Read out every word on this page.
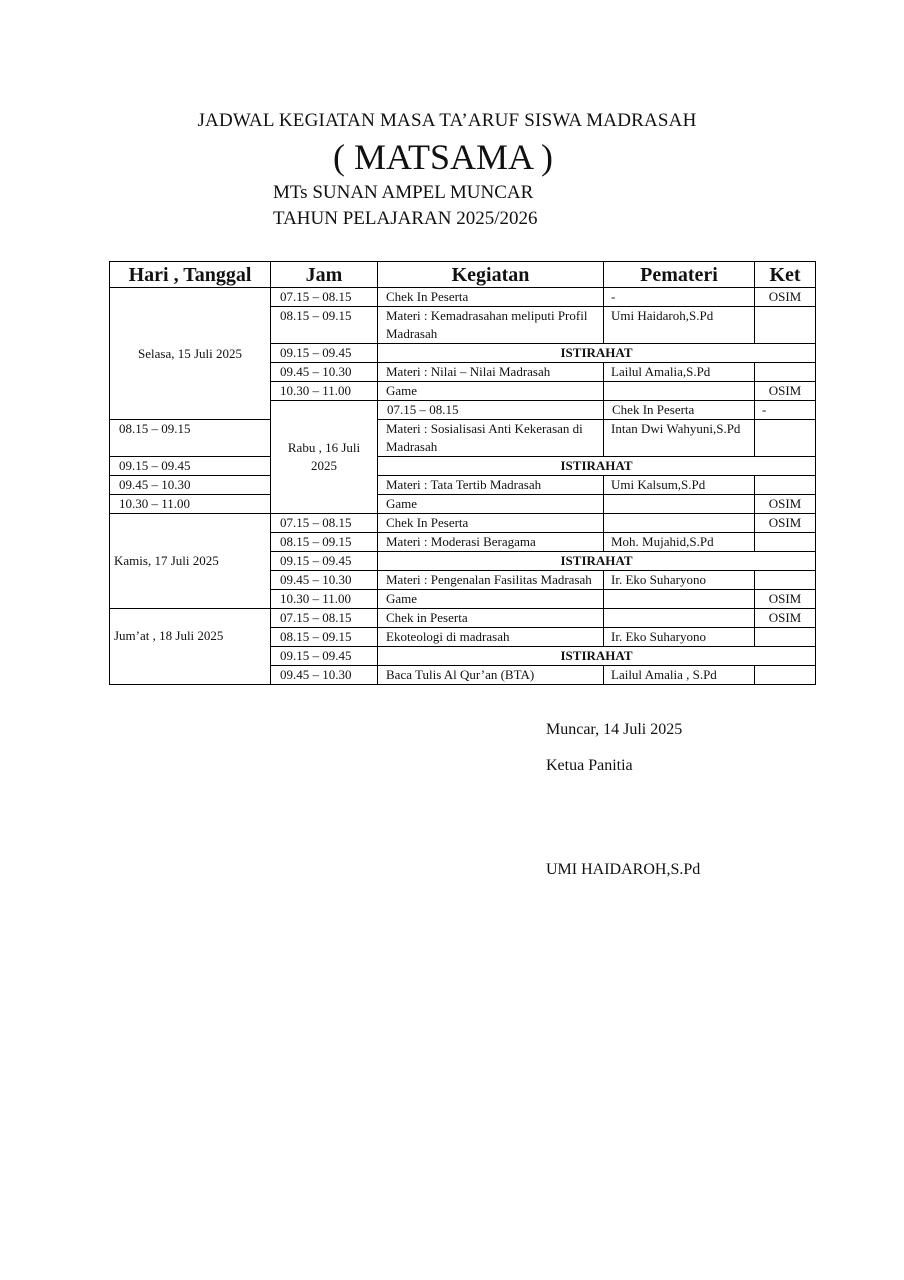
JADWAL KEGIATAN MASA TA’ARUF SISWA MADRASAH
( MATSAMA )
MTs SUNAN AMPEL MUNCAR
TAHUN PELAJARAN 2025/2026
Hari , Tanggal	Jam	Kegiatan	Pemateri	Ket	
Selasa, 15 Juli 2025	07.15 – 08.15	Chek In Peserta	-	OSIM	
	08.15 – 09.15	Materi : Kemadrasahan meliputi Profil Madrasah	Umi Haidaroh,S.Pd		
	09.15 – 09.45	ISTIRAHAT			
	09.45 – 10.30	Materi : Nilai – Nilai Madrasah	Lailul Amalia,S.Pd		
	10.30 – 11.00	Game		OSIM	
	Rabu , 16 Juli 2025	07.15 – 08.15	Chek In Peserta	-	
08.15 – 09.15		Materi : Sosialisasi Anti Kekerasan di Madrasah	Intan Dwi Wahyuni,S.Pd		
09.15 – 09.45		ISTIRAHAT			
09.45 – 10.30		Materi : Tata Tertib Madrasah	Umi Kalsum,S.Pd		
10.30 – 11.00		Game		OSIM	
Kamis, 17 Juli 2025	07.15 – 08.15	Chek In Peserta		OSIM	
	08.15 – 09.15	Materi : Moderasi Beragama	Moh. Mujahid,S.Pd		
	09.15 – 09.45	ISTIRAHAT			
	09.45 – 10.30	Materi : Pengenalan Fasilitas Madrasah	Ir. Eko Suharyono		
	10.30 – 11.00	Game		OSIM	
Jum’at , 18 Juli 2025	07.15 – 08.15	Chek in Peserta		OSIM	
	08.15 – 09.15	Ekoteologi di madrasah	Ir. Eko Suharyono		
	09.15 – 09.45	ISTIRAHAT			
	09.45 – 10.30	Baca Tulis Al Qur’an (BTA)	Lailul Amalia , S.Pd		
Muncar, 14 Juli 2025
Ketua Panitia
UMI HAIDAROH,S.Pd
